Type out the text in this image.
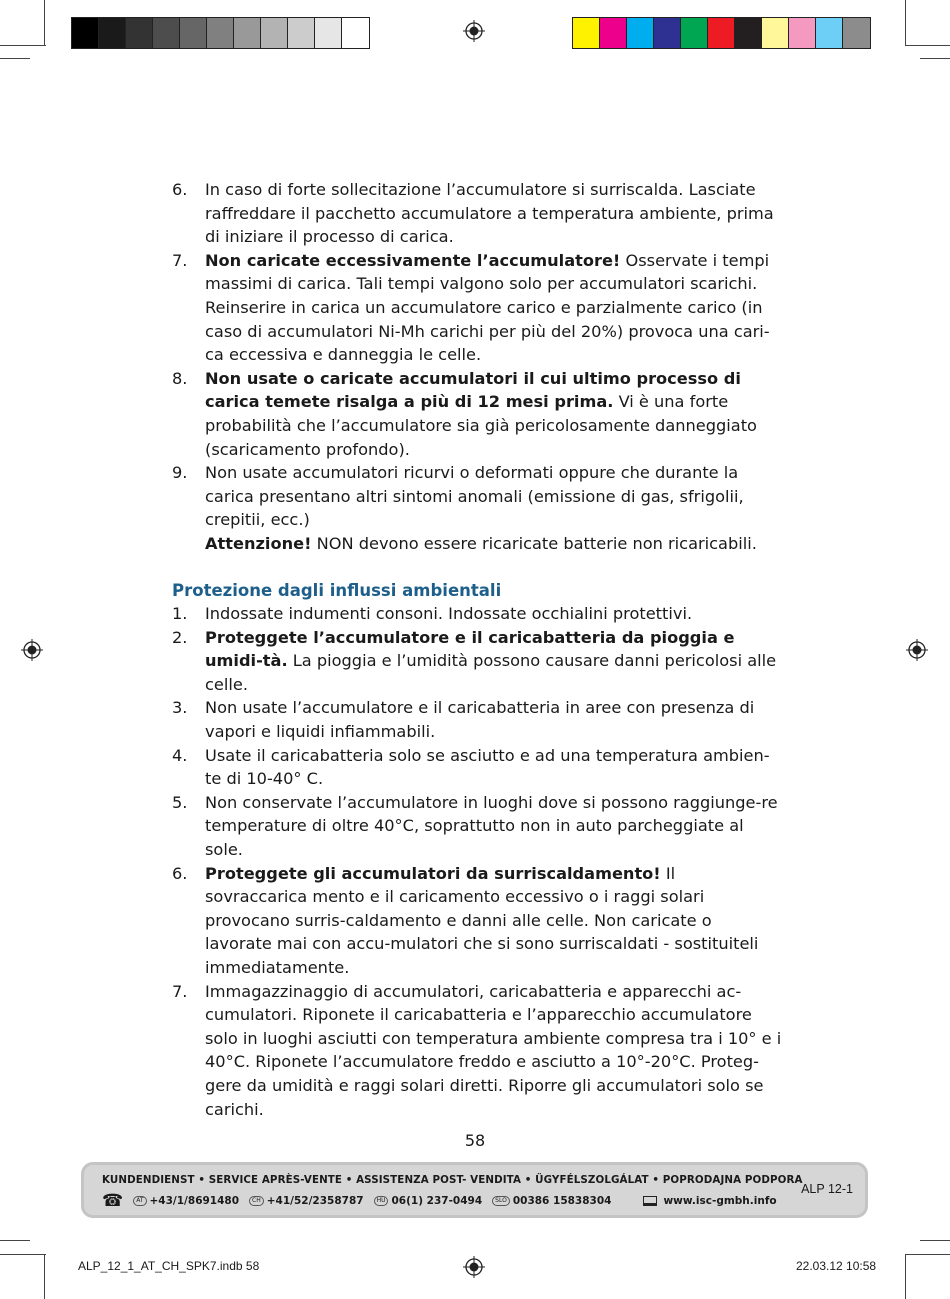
6.	In caso di forte sollecitazione l’accumulatore si surriscalda. Lasciate raffreddare il pacchetto accumulatore a temperatura ambiente, prima di iniziare il processo di carica.
7.	Non caricate eccessivamente l’accumulatore! Osservate i tempi massimi di carica. Tali tempi valgono solo per accumulatori scarichi. Reinserire in carica un accumulatore carico e parzialmente carico (in caso di accumulatori Ni-Mh carichi per più del 20%) provoca una cari-ca eccessiva e danneggia le celle.
8.	Non usate o caricate accumulatori il cui ultimo processo di carica temete risalga a più di 12 mesi prima. Vi è una forte probabilità che l’accumulatore sia già pericolosamente danneggiato (scaricamento profondo).
9.	Non usate accumulatori ricurvi o deformati oppure che durante la carica presentano altri sintomi anomali (emissione di gas, sfrigolii, crepitii, ecc.)
Attenzione! NON devono essere ricaricate batterie non ricaricabili.
Protezione dagli influssi ambientali
1.	Indossate indumenti consoni. Indossate occhialini protettivi.
2.	Proteggete l’accumulatore e il caricabatteria da pioggia e umidi-tà. La pioggia e l’umidità possono causare danni pericolosi alle celle.
3.	Non usate l’accumulatore e il caricabatteria in aree con presenza di vapori e liquidi infiammabili.
4.	Usate il caricabatteria solo se asciutto e ad una temperatura ambien-te di 10-40° C.
5.	Non conservate l’accumulatore in luoghi dove si possono raggiunge-re temperature di oltre 40°C, soprattutto non in auto parcheggiate al sole.
6.	Proteggete gli accumulatori da surriscaldamento! Il sovraccarica mento e il caricamento eccessivo o i raggi solari provocano surris-caldamento e danni alle celle. Non caricate o lavorate mai con accu-mulatori che si sono surriscaldati - sostituiteli immediatamente.
7.	Immagazzinaggio di accumulatori, caricabatteria e apparecchi ac-cumulatori. Riponete il caricabatteria e l’apparecchio accumulatore solo in luoghi asciutti con temperatura ambiente compresa tra i 10° e i 40°C. Riponete l’accumulatore freddo e asciutto a 10°-20°C. Proteg-gere da umidità e raggi solari diretti. Riporre gli accumulatori solo se carichi.
58
KUNDENDIENST • SERVICE APRÈS-VENTE • ASSISTENZA POST- VENDITA • ÜGYFÉLSZOLGÁLAT • POPRODAJNA PODPORA
☎	AT +43/1/8691480	CH +41/52/2358787	HU 06(1) 237-0494	SLO 00386 15838304	www.isc-gmbh.info
ALP 12-1
ALP_12_1_AT_CH_SPK7.indb 58	22.03.12 10:58
